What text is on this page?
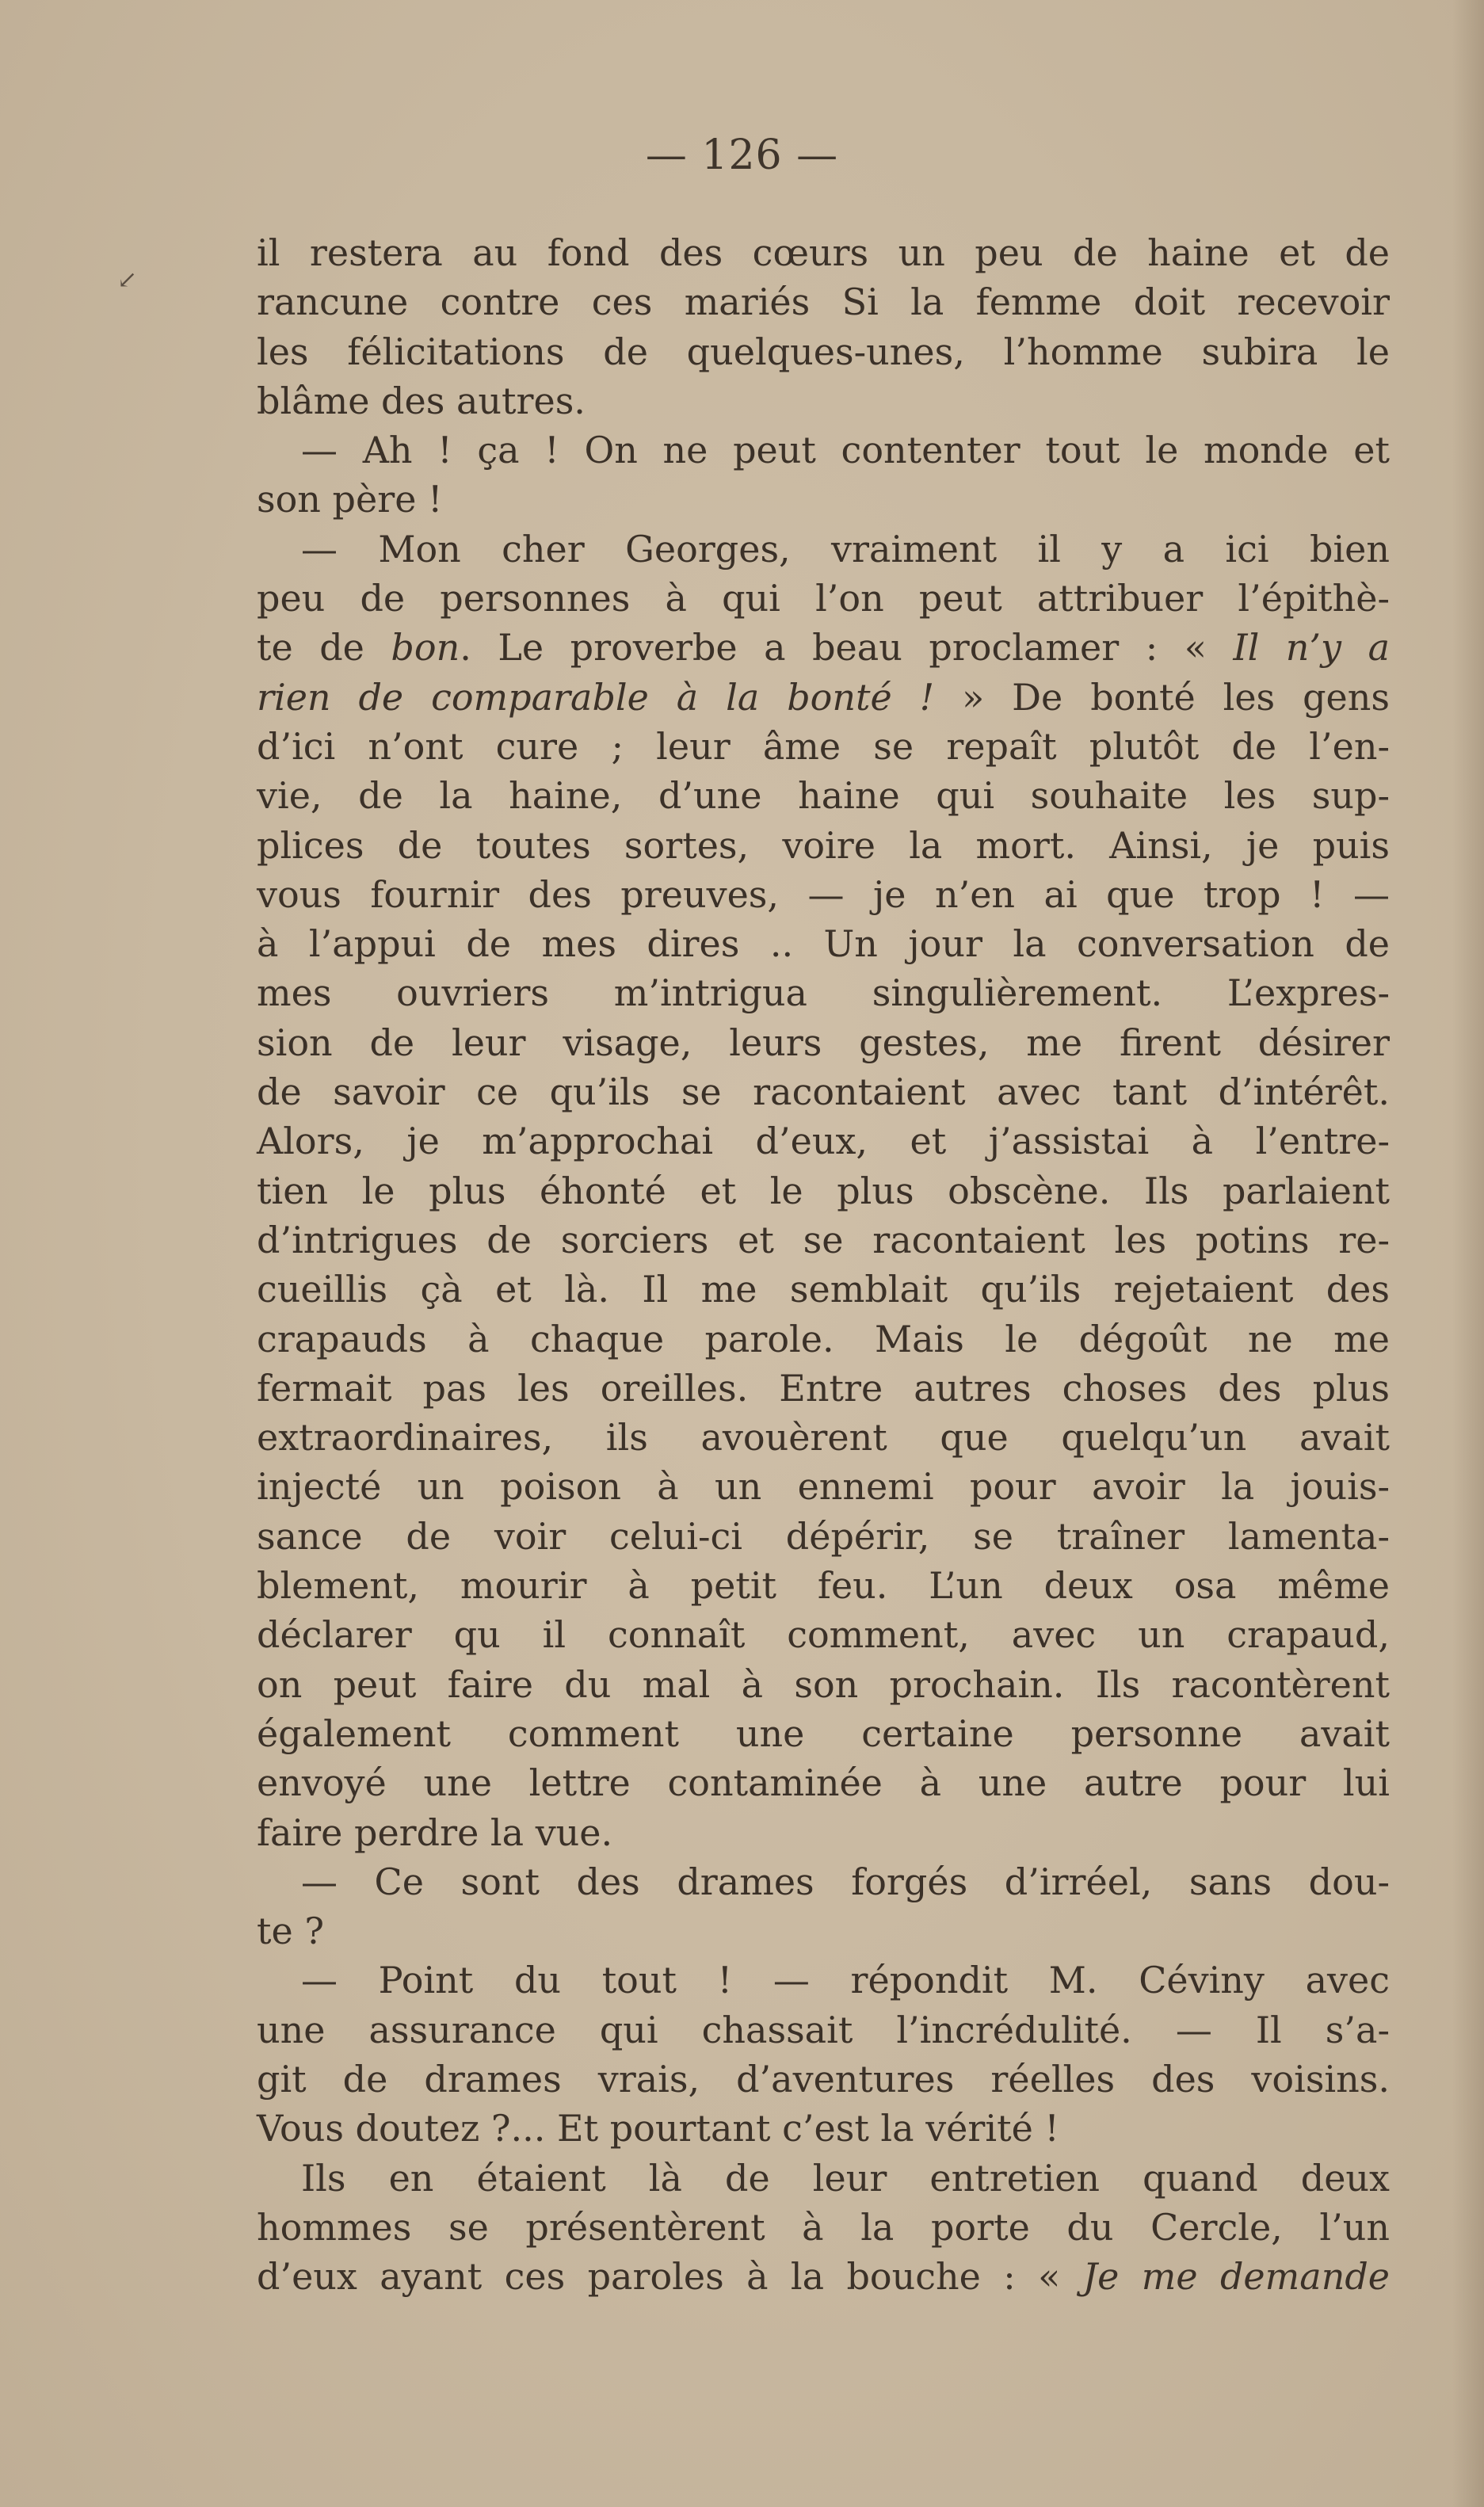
↙
— 126 —
il restera au fond des cœurs un peu de haine et de
rancune contre ces mariés Si la femme doit recevoir
les félicitations de quelques-unes, l’homme subira le
blâme des autres.
— Ah ! ça ! On ne peut contenter tout le monde et
son père !
— Mon cher Georges, vraiment il y a ici bien
peu de personnes à qui l’on peut attribuer l’épithè-
te de bon. Le proverbe a beau proclamer : « Il n’y a
rien de comparable à la bonté ! » De bonté les gens
d’ici n’ont cure ; leur âme se repaît plutôt de l’en-
vie, de la haine, d’une haine qui souhaite les sup-
plices de toutes sortes, voire la mort. Ainsi, je puis
vous fournir des preuves, — je n’en ai que trop ! —
à l’appui de mes dires .. Un jour la conversation de
mes ouvriers m’intrigua singulièrement. L’expres-
sion de leur visage, leurs gestes, me firent désirer
de savoir ce qu’ils se racontaient avec tant d’intérêt.
Alors, je m’approchai d’eux, et j’assistai à l’entre-
tien le plus éhonté et le plus obscène. Ils parlaient
d’intrigues de sorciers et se racontaient les potins re-
cueillis çà et là. Il me semblait qu’ils rejetaient des
crapauds à chaque parole. Mais le dégoût ne me
fermait pas les oreilles. Entre autres choses des plus
extraordinaires, ils avouèrent que quelqu’un avait
injecté un poison à un ennemi pour avoir la jouis-
sance de voir celui-ci dépérir, se traîner lamenta-
blement, mourir à petit feu. L’un deux osa même
déclarer qu il connaît comment, avec un crapaud,
on peut faire du mal à son prochain. Ils racontèrent
également comment une certaine personne avait
envoyé une lettre contaminée à une autre pour lui
faire perdre la vue.
— Ce sont des drames forgés d’irréel, sans dou-
te ?
— Point du tout ! — répondit M. Céviny avec
une assurance qui chassait l’incrédulité. — Il s’a-
git de drames vrais, d’aventures réelles des voisins.
Vous doutez ?... Et pourtant c’est la vérité !
Ils en étaient là de leur entretien quand deux
hommes se présentèrent à la porte du Cercle, l’un
d’eux ayant ces paroles à la bouche : « Je me demande
